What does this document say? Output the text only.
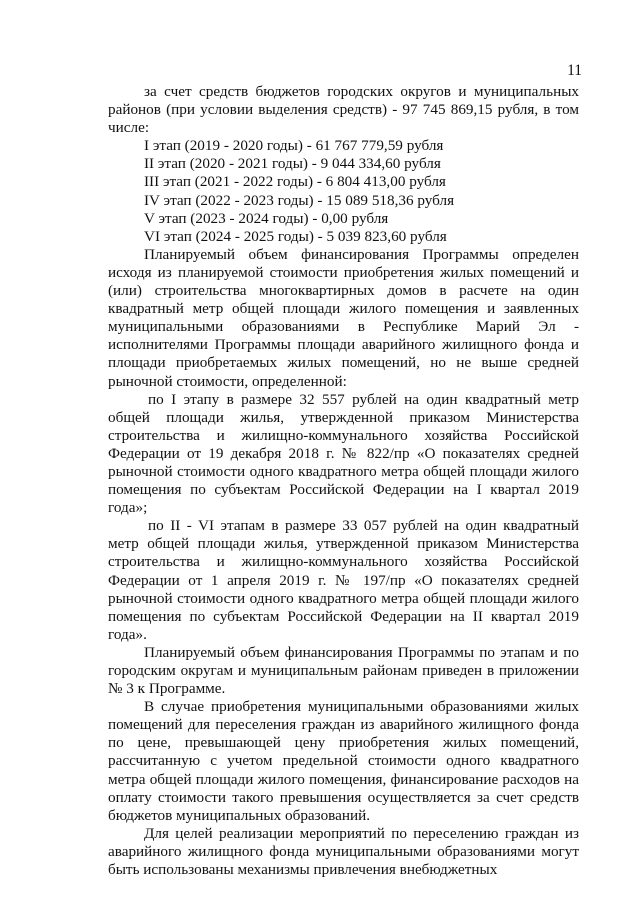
11

за счет средств бюджетов городских округов и муниципальных районов (при условии выделения средств) - 97 745 869,15 рубля, в том числе:

I этап (2019 - 2020 годы) - 61 767 779,59 рубля
II этап (2020 - 2021 годы) - 9 044 334,60 рубля
III этап (2021 - 2022 годы) - 6 804 413,00 рубля
IV этап (2022 - 2023 годы) - 15 089 518,36 рубля
V этап (2023 - 2024 годы) - 0,00 рубля
VI этап (2024 - 2025 годы) - 5 039 823,60 рубля

Планируемый объем финансирования Программы определен исходя из планируемой стоимости приобретения жилых помещений и (или) строительства многоквартирных домов в расчете на один квадратный метр общей площади жилого помещения и заявленных муниципальными образованиями в Республике Марий Эл - исполнителями Программы площади аварийного жилищного фонда и площади приобретаемых жилых помещений, но не выше средней рыночной стоимости, определенной:

по I этапу в размере 32 557 рублей на один квадратный метр общей площади жилья, утвержденной приказом Министерства строительства и жилищно-коммунального хозяйства Российской Федерации от 19 декабря 2018 г. № 822/пр «О показателях средней рыночной стоимости одного квадратного метра общей площади жилого помещения по субъектам Российской Федерации на I квартал 2019 года»;

по II - VI этапам в размере 33 057 рублей на один квадратный метр общей площади жилья, утвержденной приказом Министерства строительства и жилищно-коммунального хозяйства Российской Федерации от 1 апреля 2019 г. № 197/пр «О показателях средней рыночной стоимости одного квадратного метра общей площади жилого помещения по субъектам Российской Федерации на II квартал 2019 года».

Планируемый объем финансирования Программы по этапам и по городским округам и муниципальным районам приведен в приложении № 3 к Программе.

В случае приобретения муниципальными образованиями жилых помещений для переселения граждан из аварийного жилищного фонда по цене, превышающей цену приобретения жилых помещений, рассчитанную с учетом предельной стоимости одного квадратного метра общей площади жилого помещения, финансирование расходов на оплату стоимости такого превышения осуществляется за счет средств бюджетов муниципальных образований.

Для целей реализации мероприятий по переселению граждан из аварийного жилищного фонда муниципальными образованиями могут быть использованы механизмы привлечения внебюджетных
